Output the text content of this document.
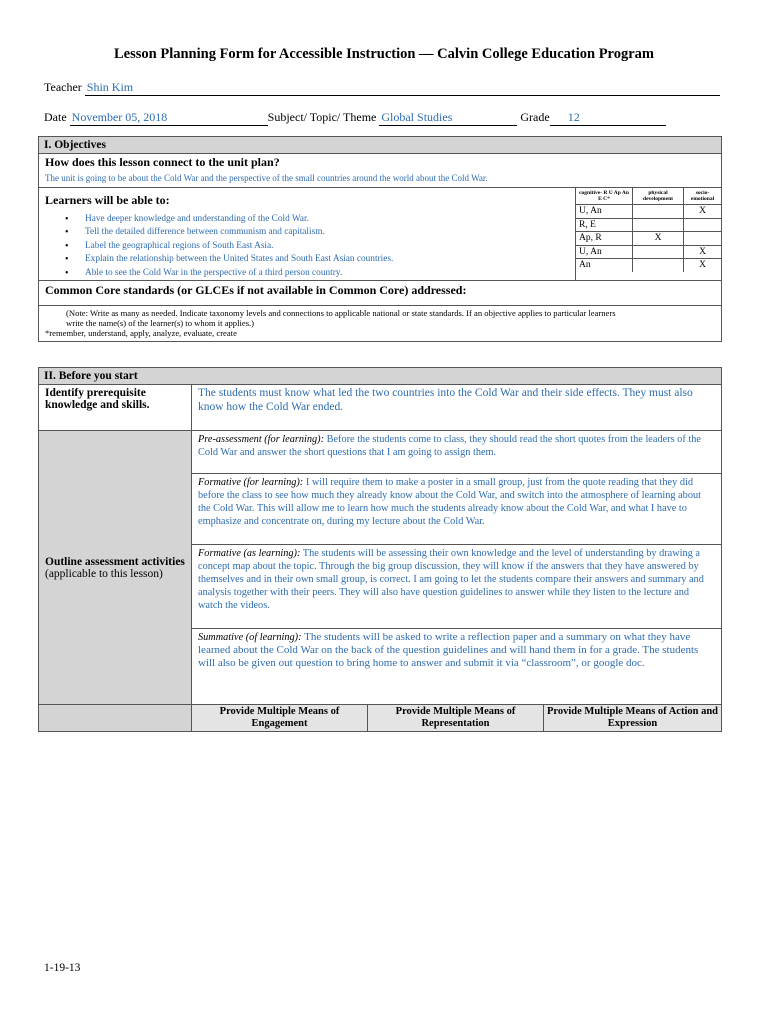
Lesson Planning Form for Accessible Instruction — Calvin College Education Program
Teacher Shin Kim
Date November 05, 2018	Subject/ Topic/ Theme Global Studies	Grade 12
I. Objectives
How does this lesson connect to the unit plan?
The unit is going to be about the Cold War and the perspective of the small countries around the world about the Cold War.
Learners will be able to:
• Have deeper knowledge and understanding of the Cold War.
• Tell the detailed difference between communism and capitalism.
• Label the geographical regions of South East Asia.
• Explain the relationship between the United States and South East Asian countries.
• Able to see the Cold War in the perspective of a third person country.
cognitive- R U Ap An E C*	physical development	socio- emotional
U, An		X
R, E		
Ap, R	X	
U, An		X
An		X
Common Core standards (or GLCEs if not available in Common Core) addressed:
(Note: Write as many as needed. Indicate taxonomy levels and connections to applicable national or state standards. If an objective applies to particular learners
write the name(s) of the learner(s) to whom it applies.)
*remember, understand, apply, analyze, evaluate, create
II. Before you start
Identify prerequisite knowledge and skills.
The students must know what led the two countries into the Cold War and their side effects. They must also know how the Cold War ended.
Outline assessment activities
(applicable to this lesson)
Pre-assessment (for learning): Before the students come to class, they should read the short quotes from the leaders of the Cold War and answer the short questions that I am going to assign them.
Formative (for learning): I will require them to make a poster in a small group, just from the quote reading that they did before the class to see how much they already know about the Cold War, and switch into the atmosphere of learning about the Cold War. This will allow me to learn how much the students already know about the Cold War, and what I have to emphasize and concentrate on, during my lecture about the Cold War.
Formative (as learning): The students will be assessing their own knowledge and the level of understanding by drawing a concept map about the topic. Through the big group discussion, they will know if the answers that they have answered by themselves and in their own small group, is correct. I am going to let the students compare their answers and summary and analysis together with their peers. They will also have question guidelines to answer while they listen to the lecture and watch the videos.
Summative (of learning): The students will be asked to write a reflection paper and a summary on what they have learned about the Cold War on the back of the question guidelines and will hand them in for a grade. The students will also be given out question to bring home to answer and submit it via “classroom”, or google doc.
Provide Multiple Means of Engagement
Provide Multiple Means of Representation
Provide Multiple Means of Action and Expression
1-19-13
